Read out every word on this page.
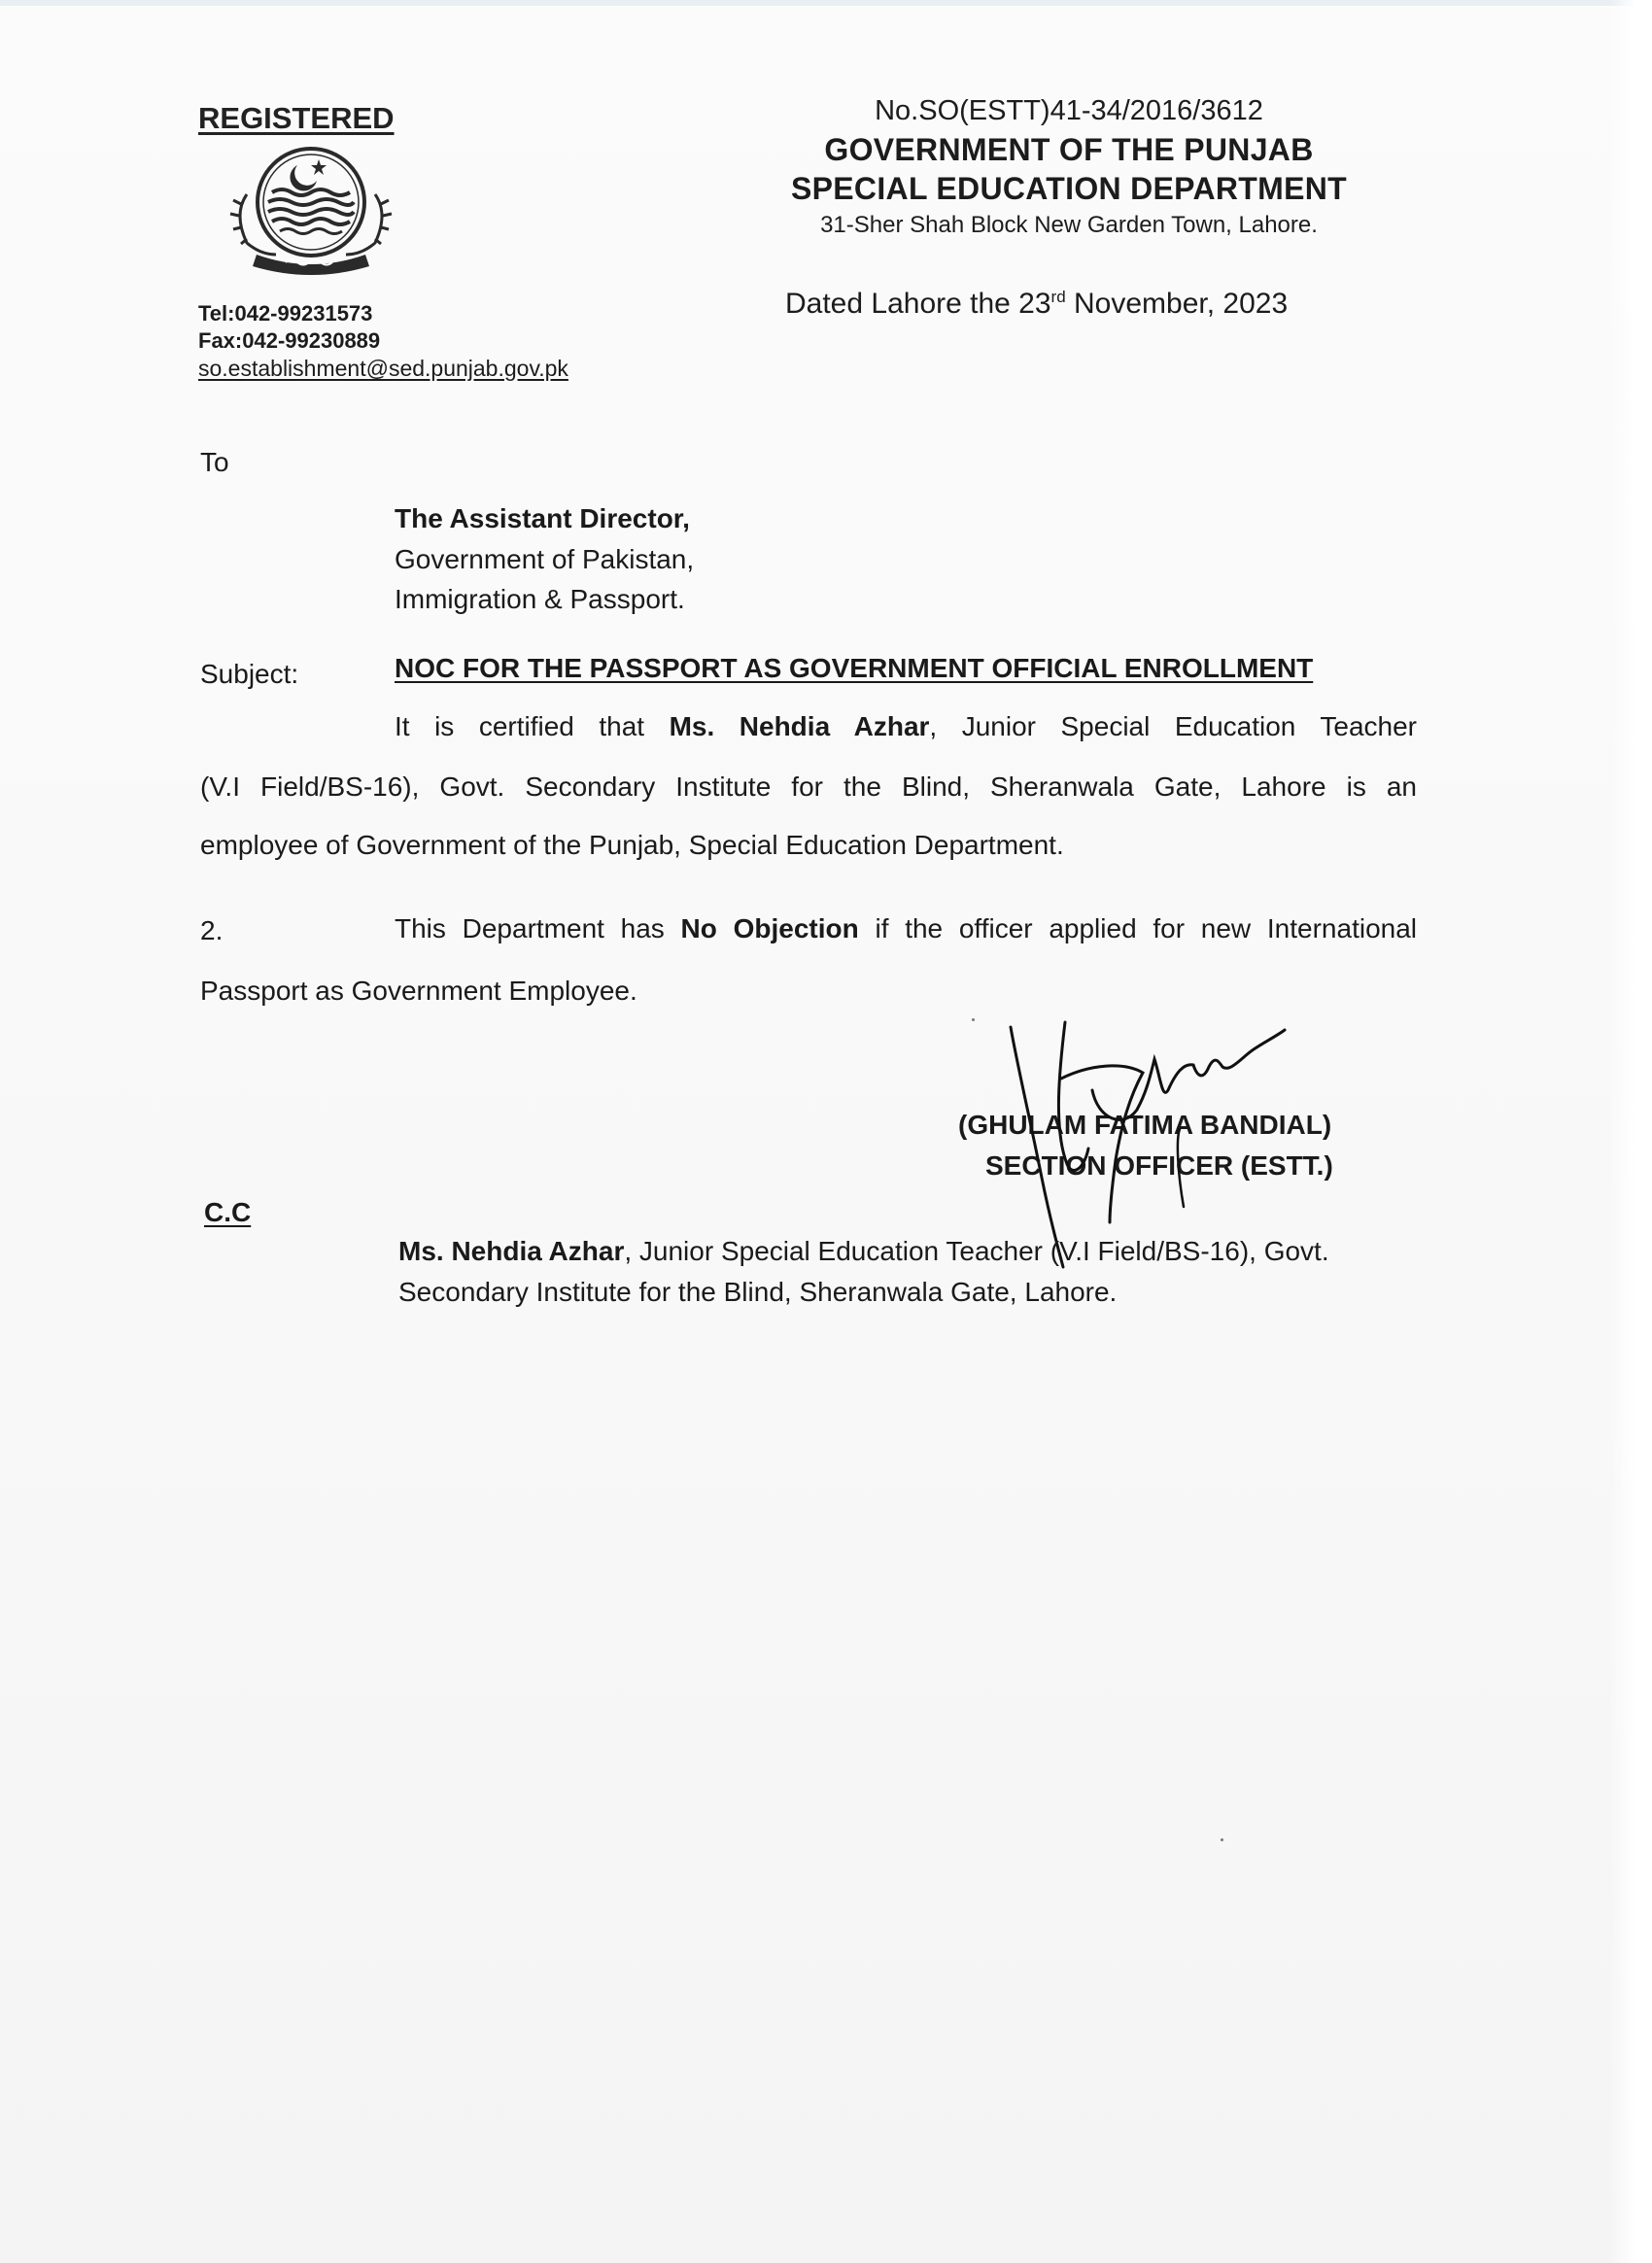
REGISTERED
Tel:042-99231573
Fax:042-99230889
so.establishment@sed.punjab.gov.pk
No.SO(ESTT)41-34/2016/3612
GOVERNMENT OF THE PUNJAB
SPECIAL EDUCATION DEPARTMENT
31-Sher Shah Block New Garden Town, Lahore.
Dated Lahore the 23rd November, 2023
To
The Assistant Director,
Government of Pakistan,
Immigration & Passport.
Subject:	NOC FOR THE PASSPORT AS GOVERNMENT OFFICIAL ENROLLMENT
It is certified that Ms. Nehdia Azhar, Junior Special Education Teacher
(V.I Field/BS-16), Govt. Secondary Institute for the Blind, Sheranwala Gate, Lahore is an
employee of Government of the Punjab, Special Education Department.
2.	This Department has No Objection if the officer applied for new International
Passport as Government Employee.
(GHULAM FATIMA BANDIAL)
SECTION OFFICER (ESTT.)
C.C
Ms. Nehdia Azhar, Junior Special Education Teacher (V.I Field/BS-16), Govt.
Secondary Institute for the Blind, Sheranwala Gate, Lahore.
